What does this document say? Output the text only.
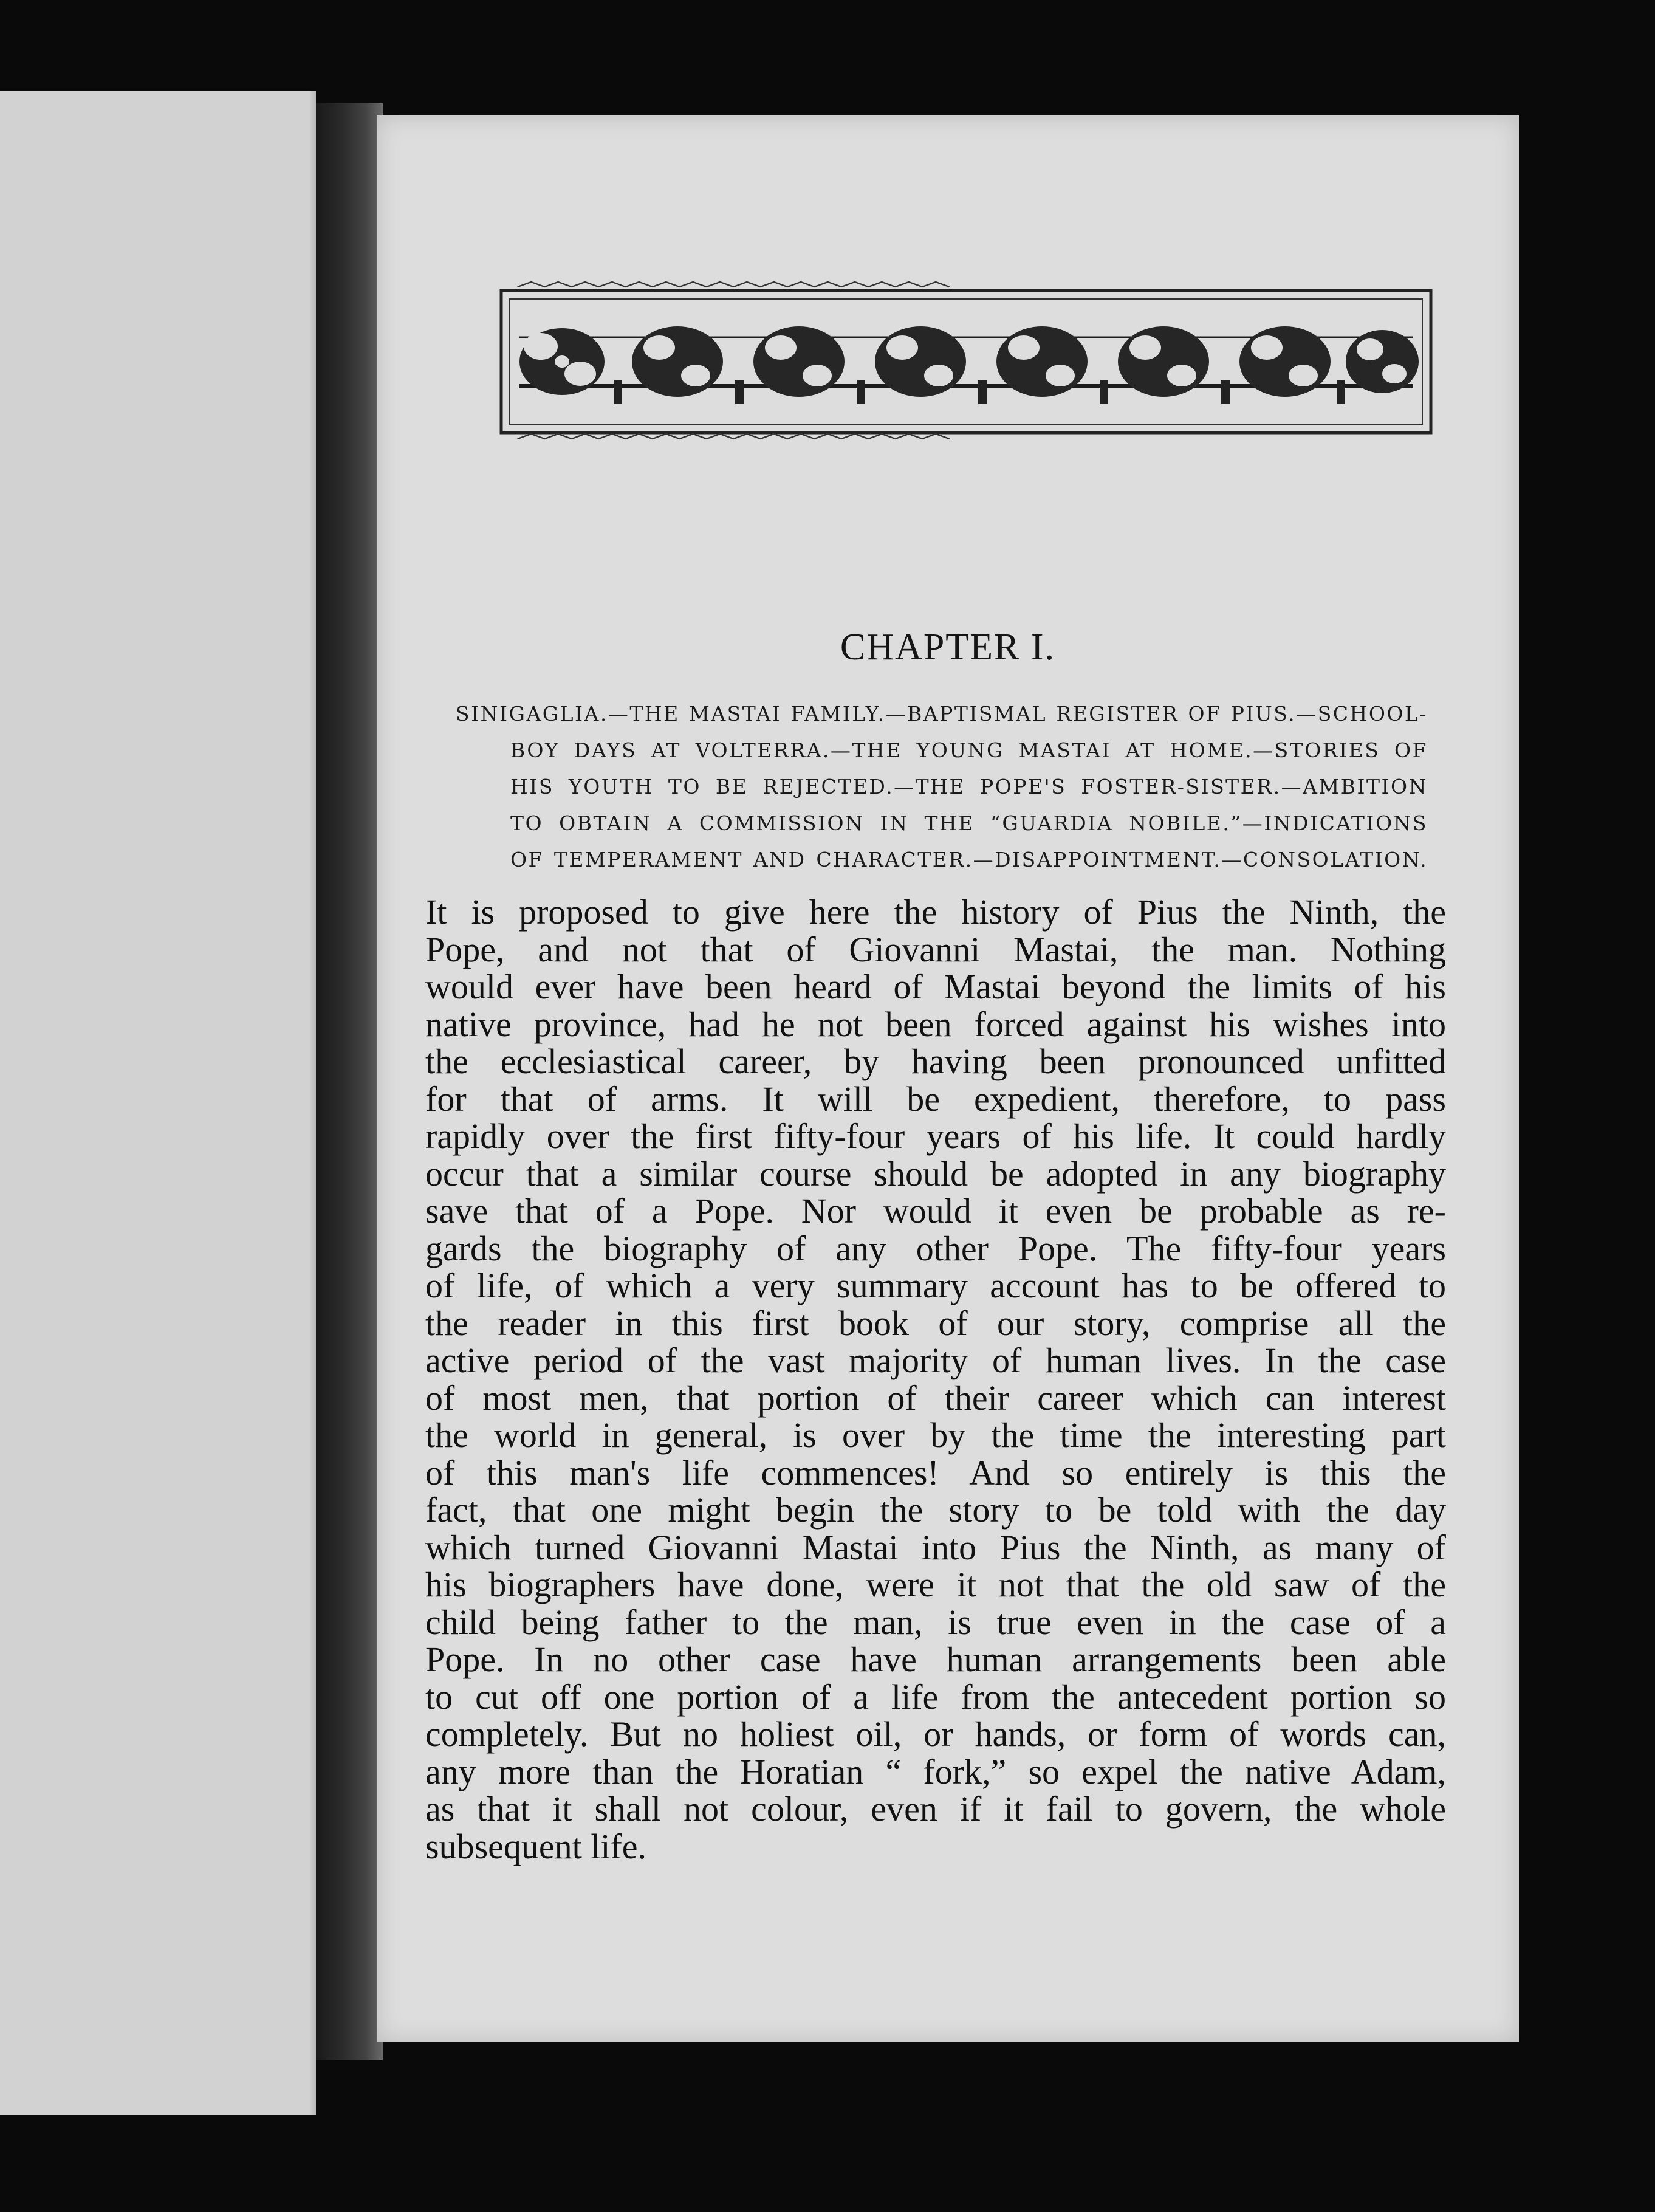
CHAPTER I.
SINIGAGLIA.—THE MASTAI FAMILY.—BAPTISMAL REGISTER OF PIUS.—SCHOOL-
BOY DAYS AT VOLTERRA.—THE YOUNG MASTAI AT HOME.—STORIES OF
HIS YOUTH TO BE REJECTED.—THE POPE'S FOSTER-SISTER.—AMBITION
TO OBTAIN A COMMISSION IN THE “GUARDIA NOBILE.”—INDICATIONS
OF TEMPERAMENT AND CHARACTER.—DISAPPOINTMENT.—CONSOLATION.
It is proposed to give here the history of Pius the Ninth, the
Pope, and not that of Giovanni Mastai, the man. Nothing
would ever have been heard of Mastai beyond the limits of his
native province, had he not been forced against his wishes into
the ecclesiastical career, by having been pronounced unfitted
for that of arms. It will be expedient, therefore, to pass
rapidly over the first fifty-four years of his life. It could hardly
occur that a similar course should be adopted in any biography
save that of a Pope. Nor would it even be probable as re-
gards the biography of any other Pope. The fifty-four years
of life, of which a very summary account has to be offered to
the reader in this first book of our story, comprise all the
active period of the vast majority of human lives. In the case
of most men, that portion of their career which can interest
the world in general, is over by the time the interesting part
of this man's life commences! And so entirely is this the
fact, that one might begin the story to be told with the day
which turned Giovanni Mastai into Pius the Ninth, as many of
his biographers have done, were it not that the old saw of the
child being father to the man, is true even in the case of a
Pope. In no other case have human arrangements been able
to cut off one portion of a life from the antecedent portion so
completely. But no holiest oil, or hands, or form of words can,
any more than the Horatian “ fork,” so expel the native Adam,
as that it shall not colour, even if it fail to govern, the whole
subsequent life.
